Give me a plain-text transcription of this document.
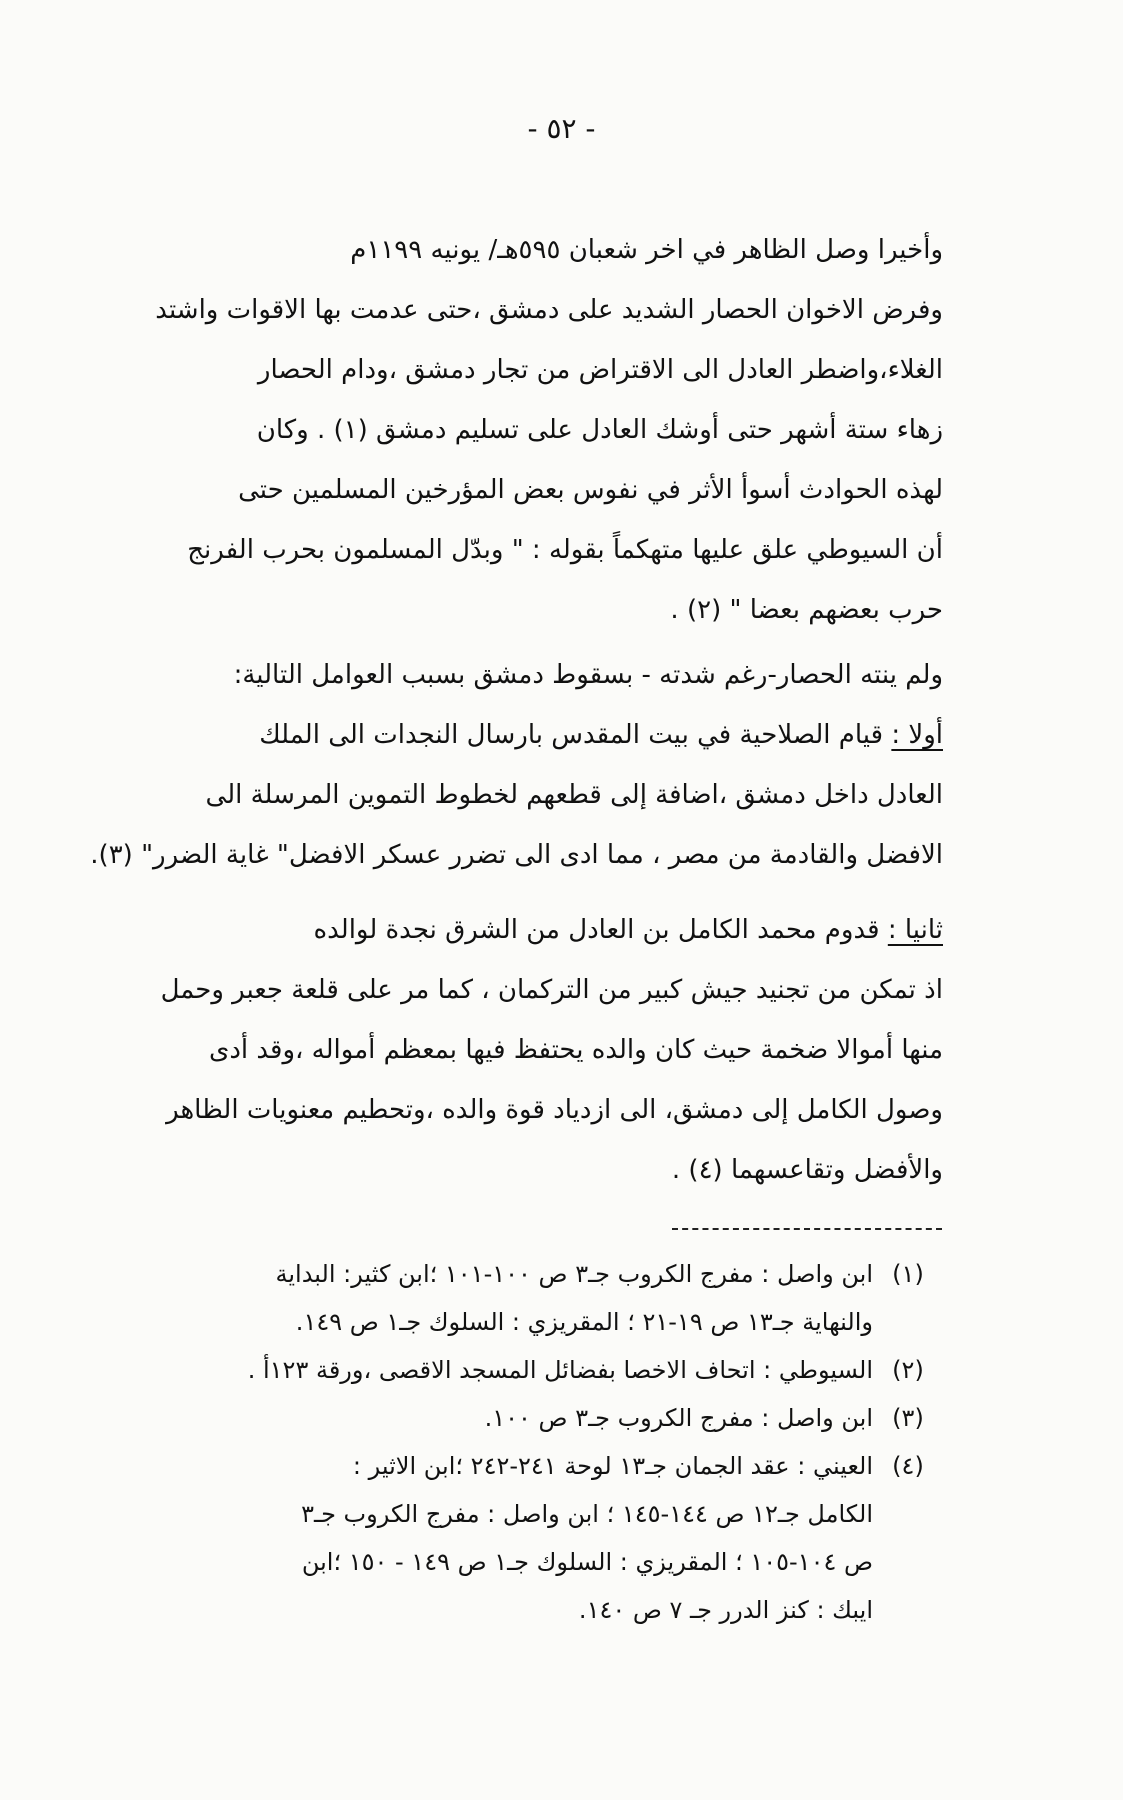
- ٥٢ -
وأخيرا وصل الظاهر في اخر شعبان ٥٩٥هـ/ يونيه ١١٩٩م
وفرض الاخوان الحصار الشديد على دمشق ،حتى عدمت بها الاقوات واشتد
الغلاء،واضطر العادل الى الاقتراض من تجار دمشق ،ودام الحصار
زهاء ستة أشهر حتى أوشك العادل على تسليم دمشق (١) . وكان
لهذه الحوادث أسوأ الأثر في نفوس بعض المؤرخين المسلمين حتى
أن السيوطي علق عليها متهكماً بقوله : " وبدّل المسلمون بحرب الفرنج
حرب بعضهم بعضا " (٢) .
ولم ينته الحصار-رغم شدته - بسقوط دمشق بسبب العوامل التالية:
أولا : قيام الصلاحية في بيت المقدس بارسال النجدات الى الملك
العادل داخل دمشق ،اضافة إلى قطعهم لخطوط التموين المرسلة الى
الافضل والقادمة من مصر ، مما ادى الى تضرر عسكر الافضل" غاية الضرر" (٣).
ثانيا : قدوم محمد الكامل بن العادل من الشرق نجدة لوالده
اذ تمكن من تجنيد جيش كبير من التركمان ، كما مر على قلعة جعبر وحمل
منها أموالا ضخمة حيث كان والده يحتفظ فيها بمعظم أمواله ،وقد أدى
وصول الكامل إلى دمشق، الى ازدياد قوة والده ،وتحطيم معنويات الظاهر
والأفضل وتقاعسهما (٤) .
(١)
ابن واصل : مفرج الكروب جـ٣ ص ١٠٠-١٠١ ؛ابن كثير: البداية
والنهاية جـ١٣ ص ١٩-٢١ ؛ المقريزي : السلوك جـ١ ص ١٤٩.
(٢)
السيوطي : اتحاف الاخصا بفضائل المسجد الاقصى ،ورقة ١٢٣أ .
(٣)
ابن واصل : مفرج الكروب جـ٣ ص ١٠٠.
(٤)
العيني : عقد الجمان جـ١٣ لوحة ٢٤١-٢٤٢ ؛ابن الاثير :
الكامل جـ١٢ ص ١٤٤-١٤٥ ؛ ابن واصل : مفرج الكروب جـ٣
ص ١٠٤-١٠٥ ؛ المقريزي : السلوك جـ١ ص ١٤٩ - ١٥٠ ؛ابن
ايبك : كنز الدرر جـ ٧ ص ١٤٠.
